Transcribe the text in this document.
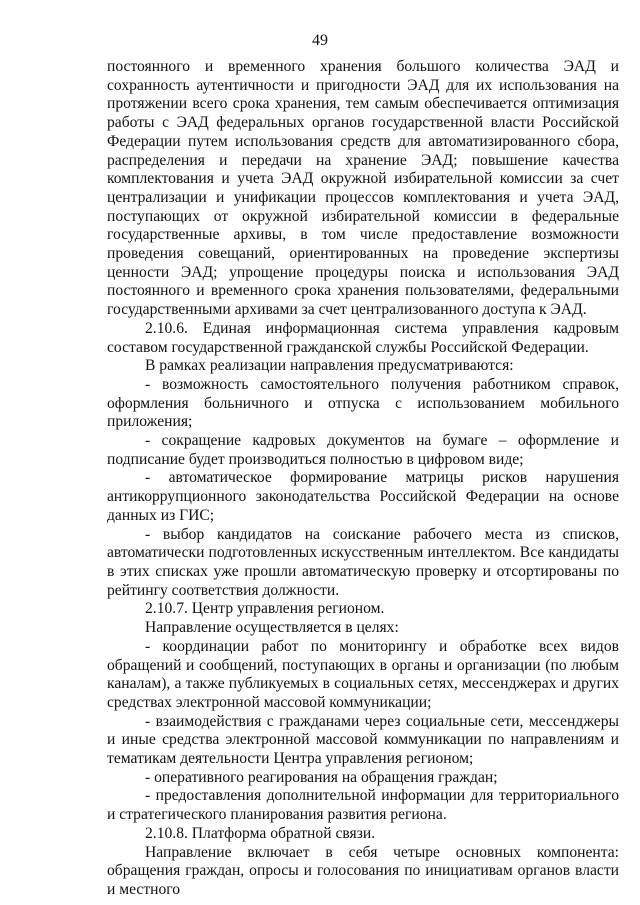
49

постоянного и временного хранения большого количества ЭАД и сохранность аутентичности и пригодности ЭАД для их использования на протяжении всего срока хранения, тем самым обеспечивается оптимизация работы с ЭАД федеральных органов государственной власти Российской Федерации путем использования средств для автоматизированного сбора, распределения и передачи на хранение ЭАД; повышение качества комплектования и учета ЭАД окружной избирательной комиссии за счет централизации и унификации процессов комплектования и учета ЭАД, поступающих от окружной избирательной комиссии в федеральные государственные архивы, в том числе предоставление возможности проведения совещаний, ориентированных на проведение экспертизы ценности ЭАД; упрощение процедуры поиска и использования ЭАД постоянного и временного срока хранения пользователями, федеральными государственными архивами за счет централизованного доступа к ЭАД.

2.10.6. Единая информационная система управления кадровым составом государственной гражданской службы Российской Федерации.

В рамках реализации направления предусматриваются:

- возможность самостоятельного получения работником справок, оформления больничного и отпуска с использованием мобильного приложения;

- сокращение кадровых документов на бумаге – оформление и подписание будет производиться полностью в цифровом виде;

- автоматическое формирование матрицы рисков нарушения антикоррупционного законодательства Российской Федерации на основе данных из ГИС;

- выбор кандидатов на соискание рабочего места из списков, автоматически подготовленных искусственным интеллектом. Все кандидаты в этих списках уже прошли автоматическую проверку и отсортированы по рейтингу соответствия должности.

2.10.7. Центр управления регионом.

Направление осуществляется в целях:

- координации работ по мониторингу и обработке всех видов обращений и сообщений, поступающих в органы и организации (по любым каналам), а также публикуемых в социальных сетях, мессенджерах и других средствах электронной массовой коммуникации;

- взаимодействия с гражданами через социальные сети, мессенджеры и иные средства электронной массовой коммуникации по направлениям и тематикам деятельности Центра управления регионом;

- оперативного реагирования на обращения граждан;

- предоставления дополнительной информации для территориального и стратегического планирования развития региона.

2.10.8. Платформа обратной связи.

Направление включает в себя четыре основных компонента: обращения граждан, опросы и голосования по инициативам органов власти и местного
